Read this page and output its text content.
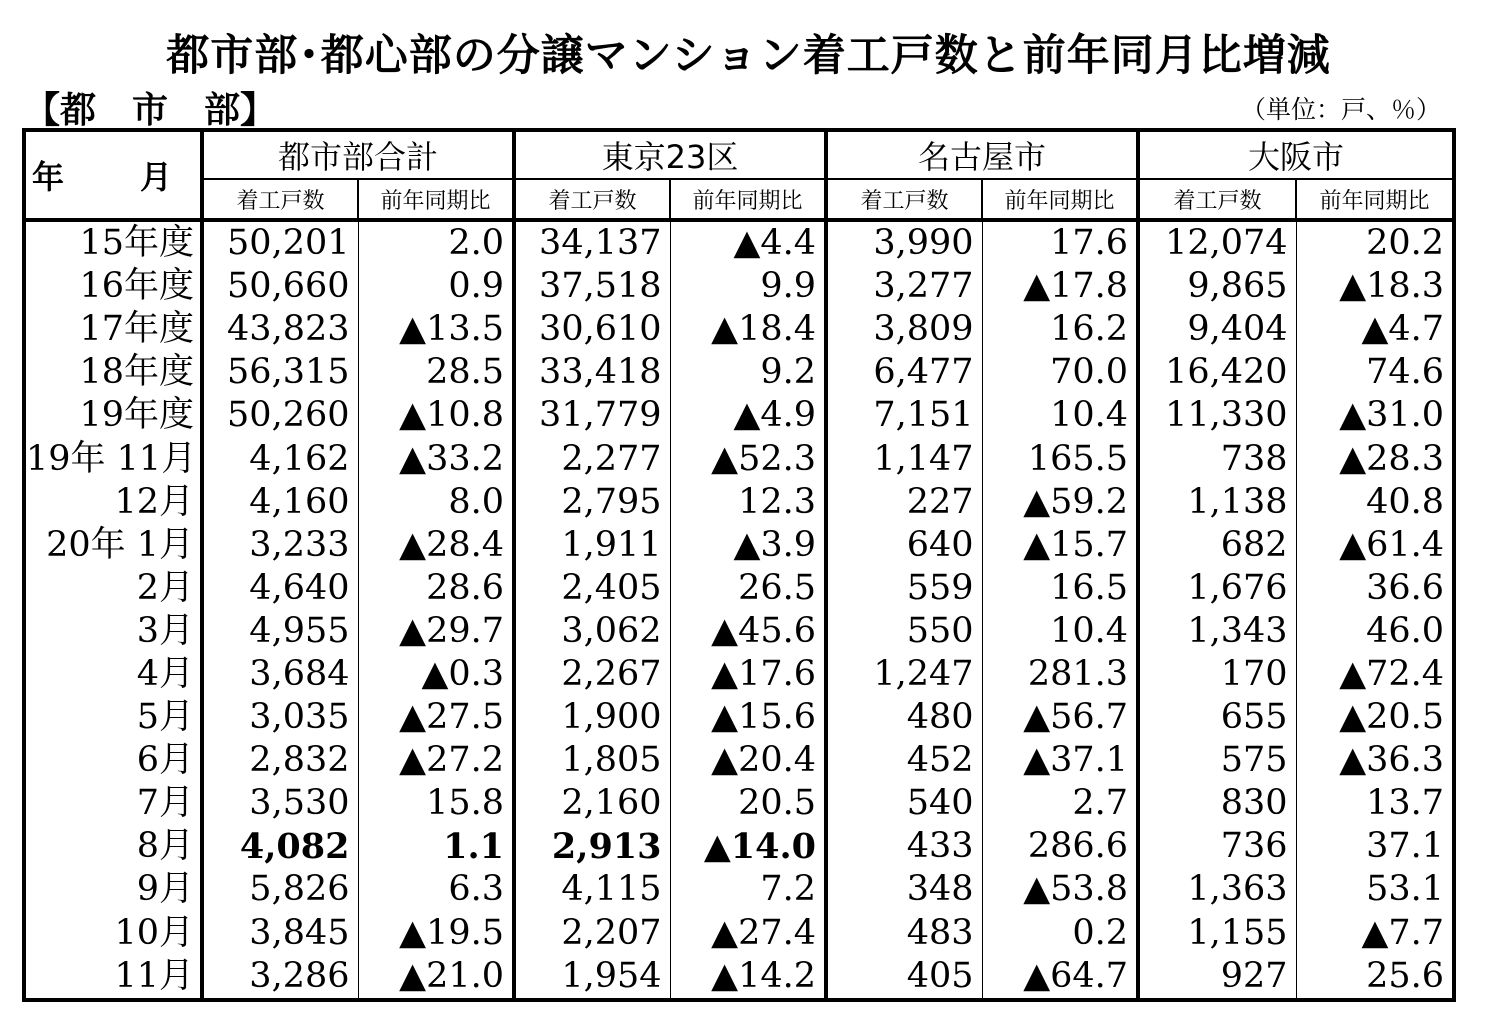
都市部･都心部の分譲マンション着工戸数と前年同月比増減
【都　市　部】	（単位：戸、％）
年　月	都市部合計		東京23区		名古屋市		大阪市	
	着工戸数	前年同期比	着工戸数	前年同期比	着工戸数	前年同期比	着工戸数	前年同期比
15年度	50,201	2.0	34,137	▲4.4	3,990	17.6	12,074	20.2
16年度	50,660	0.9	37,518	9.9	3,277	▲17.8	9,865	▲18.3
17年度	43,823	▲13.5	30,610	▲18.4	3,809	16.2	9,404	▲4.7
18年度	56,315	28.5	33,418	9.2	6,477	70.0	16,420	74.6
19年度	50,260	▲10.8	31,779	▲4.9	7,151	10.4	11,330	▲31.0
19年 11月	4,162	▲33.2	2,277	▲52.3	1,147	165.5	738	▲28.3
12月	4,160	8.0	2,795	12.3	227	▲59.2	1,138	40.8
20年 1月	3,233	▲28.4	1,911	▲3.9	640	▲15.7	682	▲61.4
2月	4,640	28.6	2,405	26.5	559	16.5	1,676	36.6
3月	4,955	▲29.7	3,062	▲45.6	550	10.4	1,343	46.0
4月	3,684	▲0.3	2,267	▲17.6	1,247	281.3	170	▲72.4
5月	3,035	▲27.5	1,900	▲15.6	480	▲56.7	655	▲20.5
6月	2,832	▲27.2	1,805	▲20.4	452	▲37.1	575	▲36.3
7月	3,530	15.8	2,160	20.5	540	2.7	830	13.7
8月	4,082	1.1	2,913	▲14.0	433	286.6	736	37.1
9月	5,826	6.3	4,115	7.2	348	▲53.8	1,363	53.1
10月	3,845	▲19.5	2,207	▲27.4	483	0.2	1,155	▲7.7
11月	3,286	▲21.0	1,954	▲14.2	405	▲64.7	927	25.6
